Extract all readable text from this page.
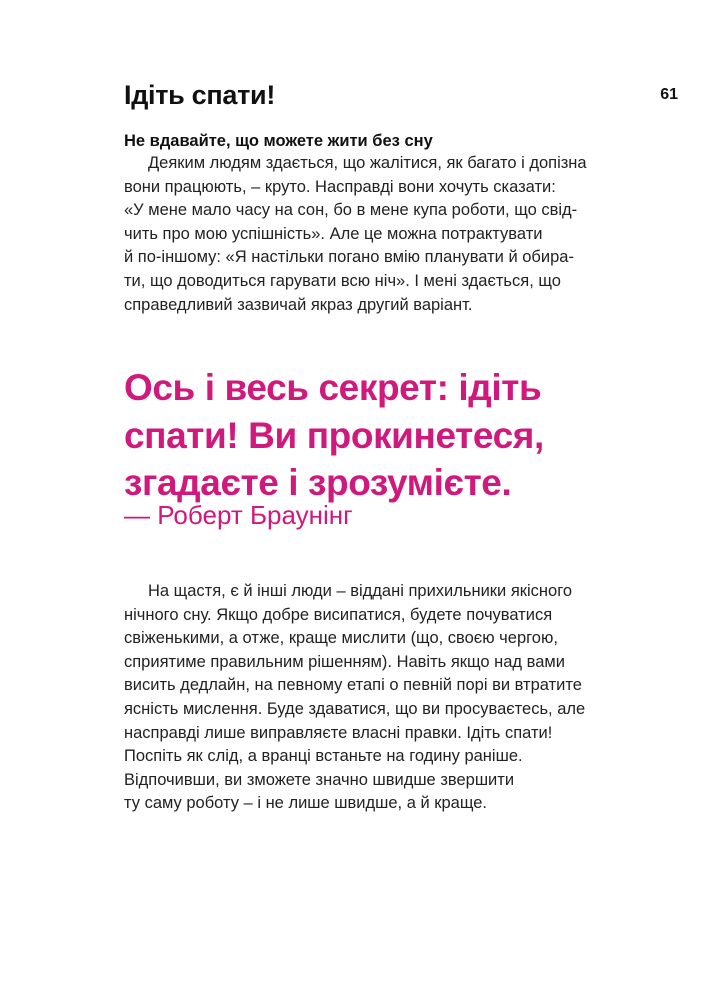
Ідіть спати!	61
Не вдавайте, що можете жити без сну
Деяким людям здається, що жалітися, як багато і допізна
вони працюють, – круто. Насправді вони хочуть сказати:
«У мене мало часу на сон, бо в мене купа роботи, що свід-
чить про мою успішність». Але це можна потрактувати
й по-іншому: «Я настільки погано вмію планувати й обира-
ти, що доводиться гарувати всю ніч». І мені здається, що
справедливий зазвичай якраз другий варіант.
Ось і весь секрет: ідіть
спати! Ви прокинетеся,
згадаєте і зрозумієте.
— Роберт Браунінг
На щастя, є й інші люди – віддані прихильники якісного
нічного сну. Якщо добре висипатися, будете почуватися
свіженькими, а отже, краще мислити (що, своєю чергою,
сприятиме правильним рішенням). Навіть якщо над вами
висить дедлайн, на певному етапі о певній порі ви втратите
ясність мислення. Буде здаватися, що ви просуваєтесь, але
насправді лише виправляєте власні правки. Ідіть спати!
Поспіть як слід, а вранці встаньте на годину раніше.
Відпочивши, ви зможете значно швидше звершити
ту саму роботу – і не лише швидше, а й краще.
